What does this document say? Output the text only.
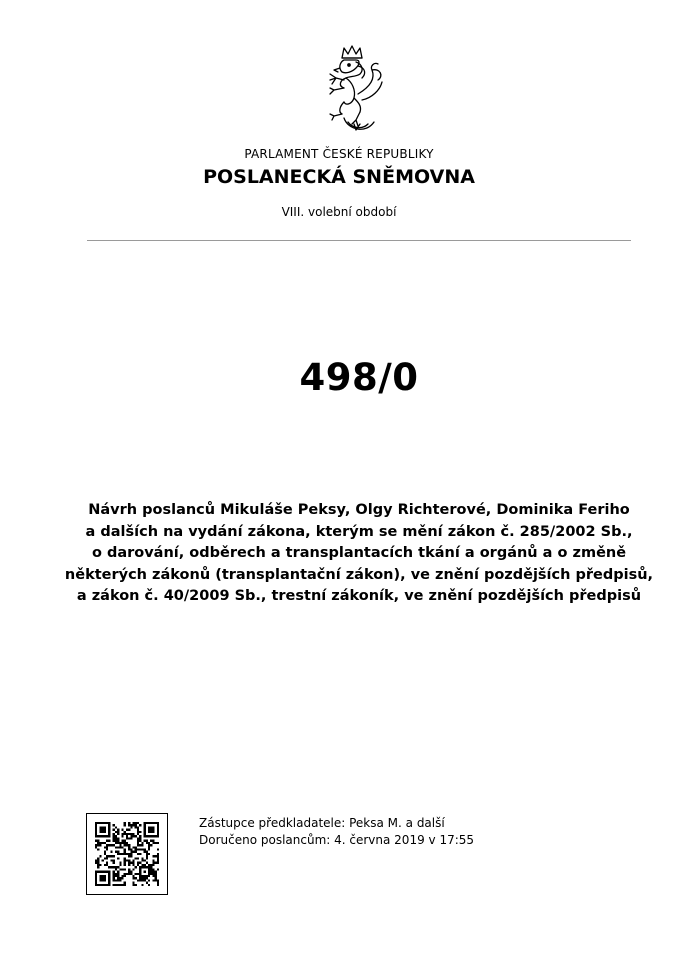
PARLAMENT ČESKÉ REPUBLIKY
POSLANECKÁ SNĚMOVNA
VIII. volební období
498/0
Návrh poslanců Mikuláše Peksy, Olgy Richterové, Dominika Feriho
a dalších na vydání zákona, kterým se mění zákon č. 285/2002 Sb.,
o darování, odběrech a transplantacích tkání a orgánů a o změně
některých zákonů (transplantační zákon), ve znění pozdějších předpisů,
a zákon č. 40/2009 Sb., trestní zákoník, ve znění pozdějších předpisů
Zástupce předkladatele: Peksa M. a další
Doručeno poslancům: 4. června 2019 v 17:55
